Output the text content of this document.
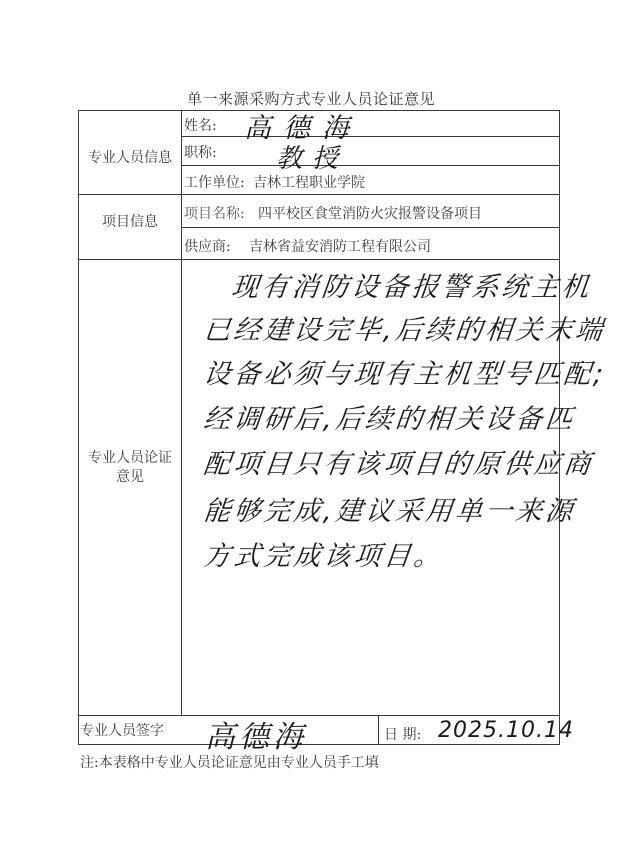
单一来源采购方式专业人员论证意见
专业人员信息
项目信息
专业人员论证
意见
姓名: 高德海
职称: 教授
工作单位: 吉林工程职业学院
项目名称: 四平校区食堂消防火灾报警设备项目
供应商: 吉林省益安消防工程有限公司
现有消防设备报警系统主机
已经建设完毕,后续的相关末端
设备必须与现有主机型号匹配;
经调研后,后续的相关设备匹
配项目只有该项目的原供应商
能够完成,建议采用单一来源
方式完成该项目。
专业人员签字 高德海	日 期: 2025.10.14
注:本表格中专业人员论证意见由专业人员手工填
